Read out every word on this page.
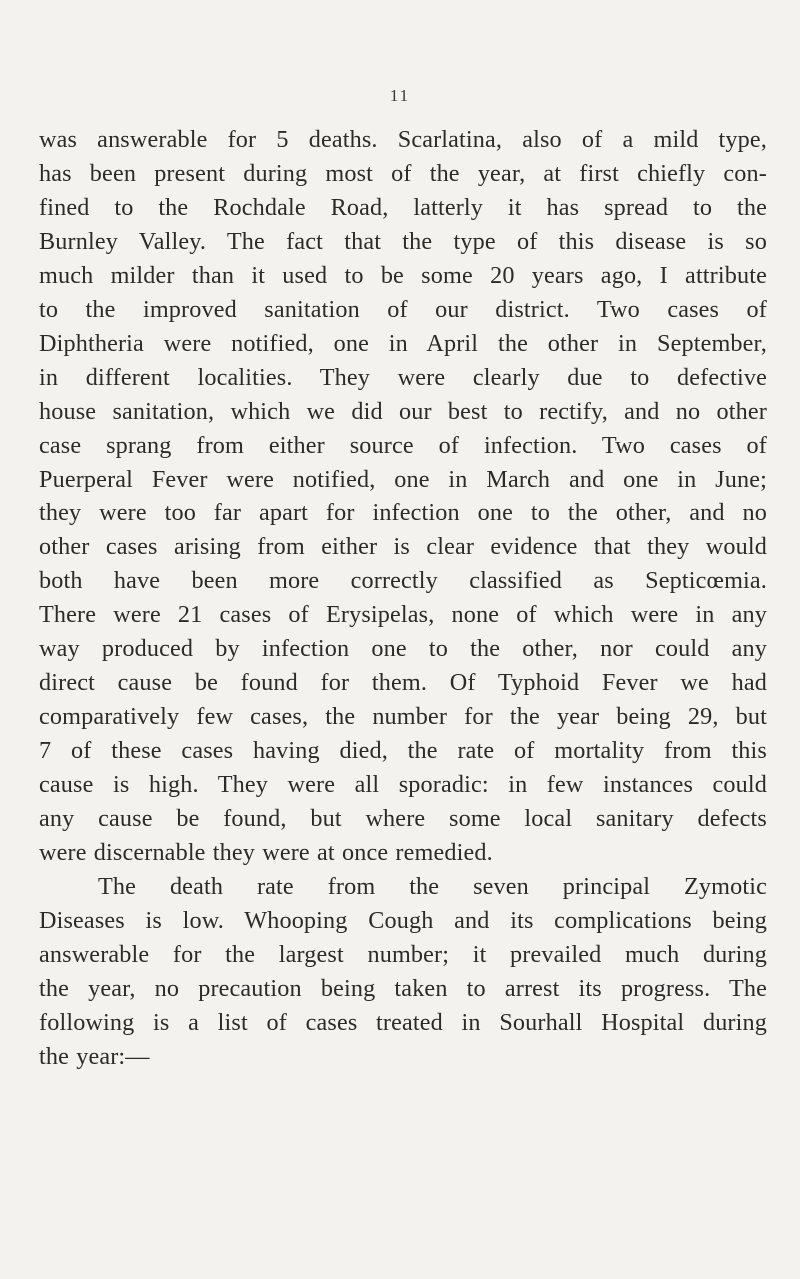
11
was answerable for 5 deaths. Scarlatina, also of a mild type,
has been present during most of the year, at first chiefly con-
fined to the Rochdale Road, latterly it has spread to the
Burnley Valley. The fact that the type of this disease is so
much milder than it used to be some 20 years ago, I attribute
to the improved sanitation of our district. Two cases of
Diphtheria were notified, one in April the other in September,
in different localities. They were clearly due to defective
house sanitation, which we did our best to rectify, and no other
case sprang from either source of infection. Two cases of
Puerperal Fever were notified, one in March and one in June;
they were too far apart for infection one to the other, and no
other cases arising from either is clear evidence that they would
both have been more correctly classified as Septicœmia.
There were 21 cases of Erysipelas, none of which were in any
way produced by infection one to the other, nor could any
direct cause be found for them. Of Typhoid Fever we had
comparatively few cases, the number for the year being 29, but
7 of these cases having died, the rate of mortality from this
cause is high. They were all sporadic: in few instances could
any cause be found, but where some local sanitary defects
were discernable they were at once remedied.
The death rate from the seven principal Zymotic
Diseases is low. Whooping Cough and its complications being
answerable for the largest number; it prevailed much during
the year, no precaution being taken to arrest its progress. The
following is a list of cases treated in Sourhall Hospital during
the year:—
